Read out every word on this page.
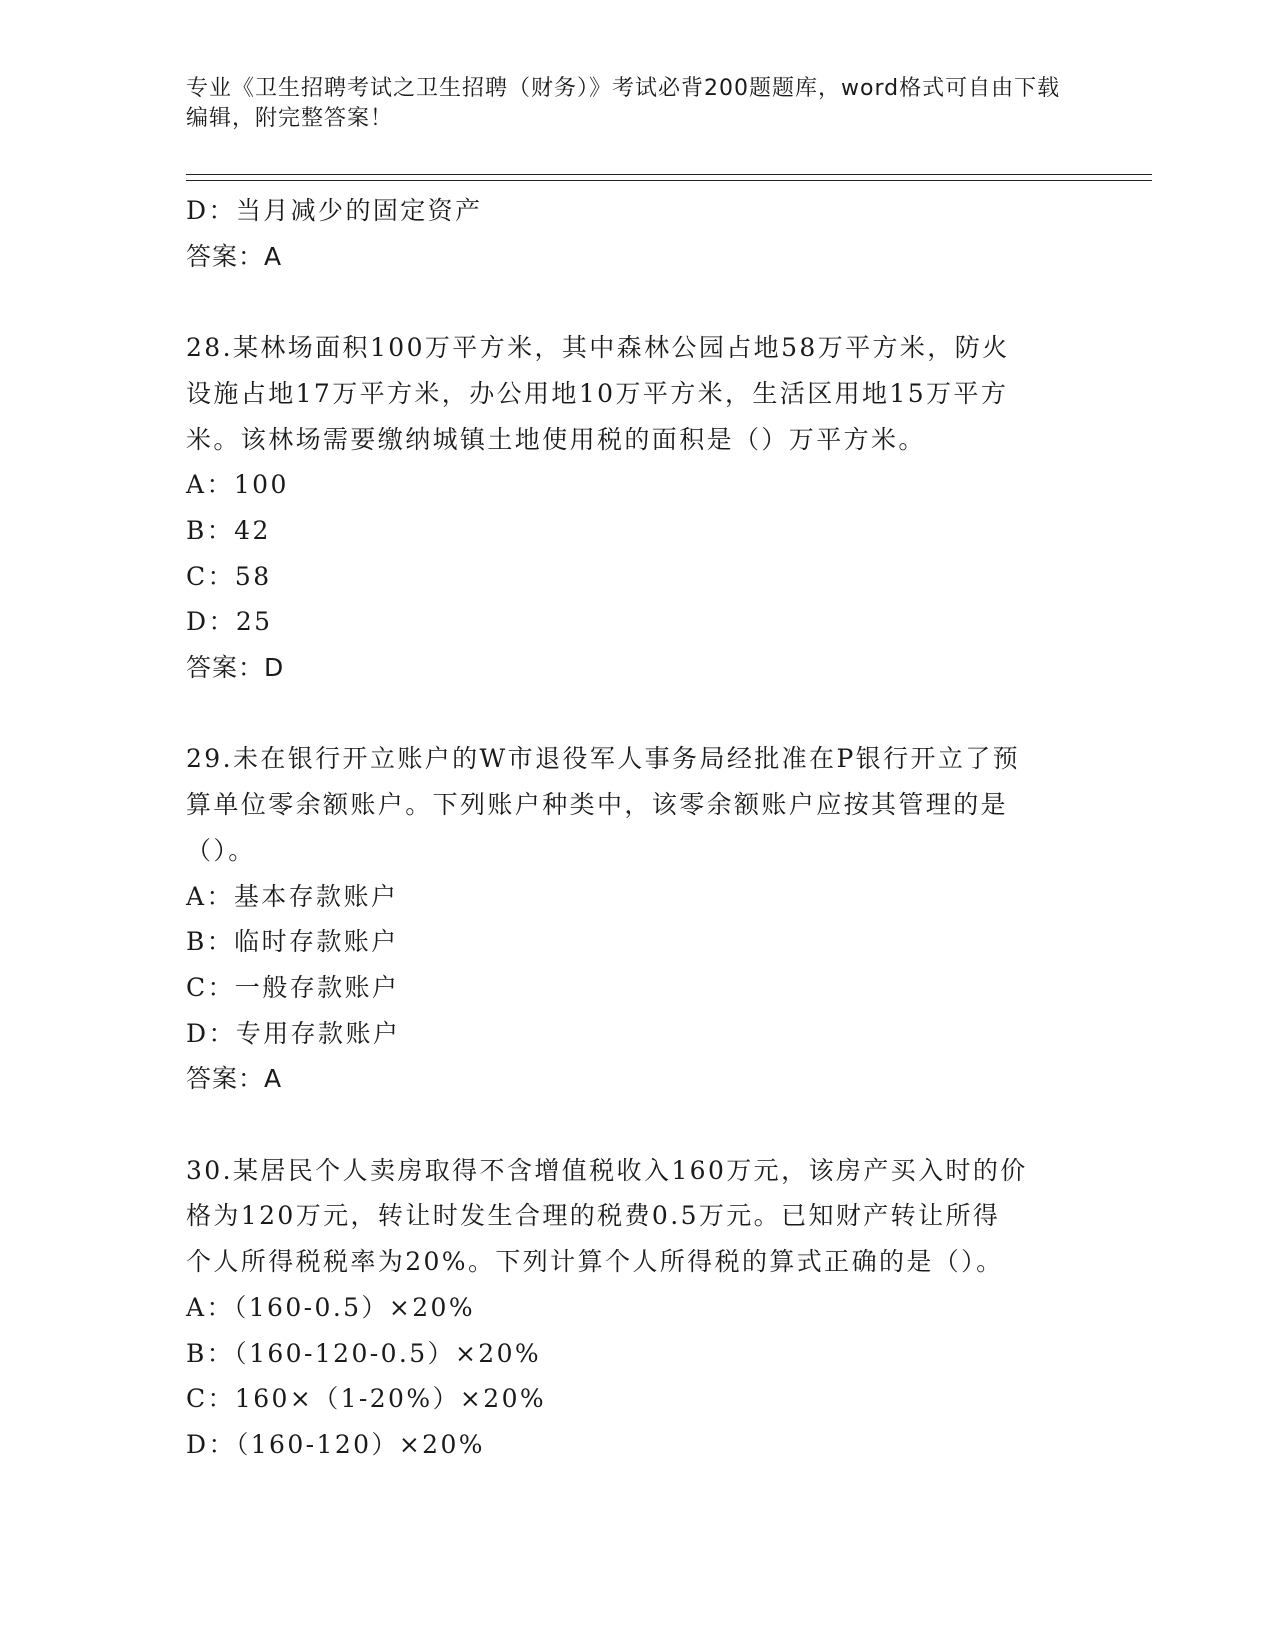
专业《卫生招聘考试之卫生招聘（财务）》考试必背200题题库，word格式可自由下载编辑，附完整答案！

D：当月减少的固定资产

答案：A

28.某林场面积100万平方米，其中森林公园占地58万平方米，防火

设施占地17万平方米，办公用地10万平方米，生活区用地15万平方

米。该林场需要缴纳城镇土地使用税的面积是（）万平方米。

A：100

B：42

C：58

D：25

答案：D

29.未在银行开立账户的W市退役军人事务局经批准在P银行开立了预

算单位零余额账户。下列账户种类中，该零余额账户应按其管理的是

（）。

A：基本存款账户

B：临时存款账户

C：一般存款账户

D：专用存款账户

答案：A

30.某居民个人卖房取得不含增值税收入160万元，该房产买入时的价

格为120万元，转让时发生合理的税费0.5万元。已知财产转让所得

个人所得税税率为20%。下列计算个人所得税的算式正确的是（）。

A：（160-0.5）×20%

B：（160-120-0.5）×20%

C：160×（1-20%）×20%

D：（160-120）×20%
